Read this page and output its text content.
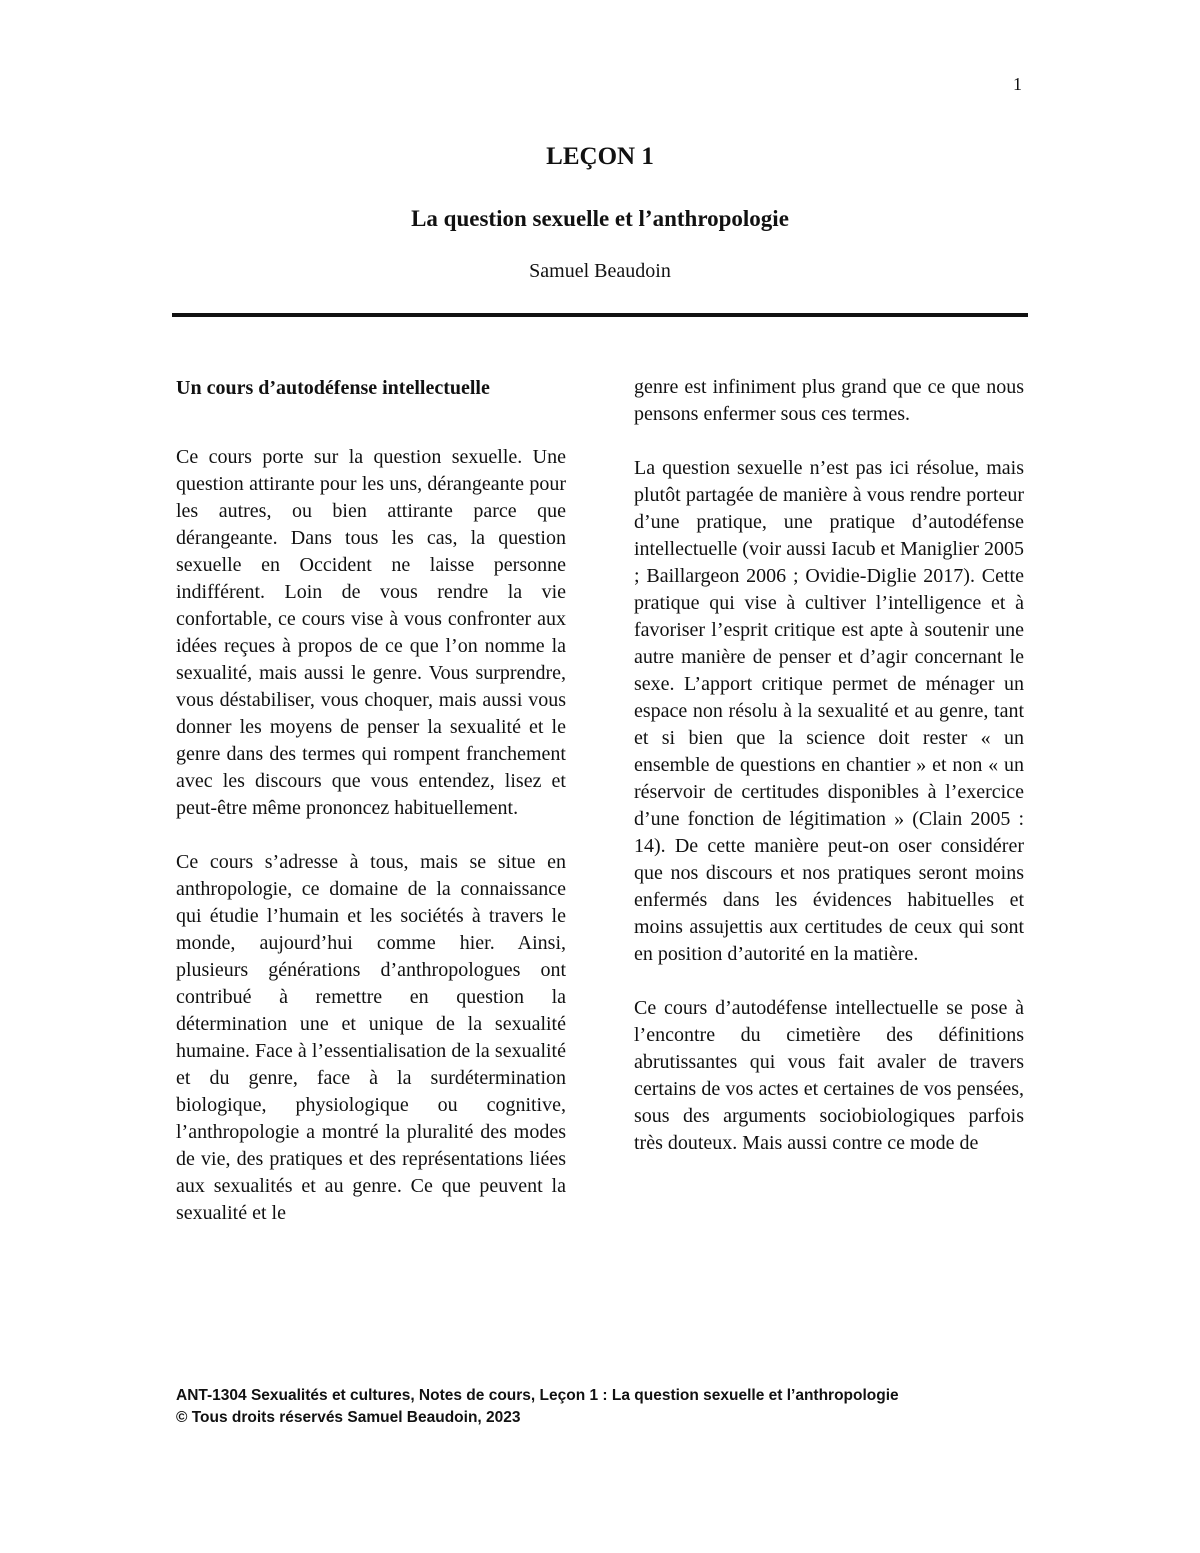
1
LEÇON 1
La question sexuelle et l’anthropologie
Samuel Beaudoin
Un cours d’autodéfense intellectuelle

Ce cours porte sur la question sexuelle. Une question attirante pour les uns, dérangeante pour les autres, ou bien attirante parce que dérangeante. Dans tous les cas, la question sexuelle en Occident ne laisse personne indifférent. Loin de vous rendre la vie confortable, ce cours vise à vous confronter aux idées reçues à propos de ce que l’on nomme la sexualité, mais aussi le genre. Vous surprendre, vous déstabiliser, vous choquer, mais aussi vous donner les moyens de penser la sexualité et le genre dans des termes qui rompent franchement avec les discours que vous entendez, lisez et peut-être même prononcez habituellement.

Ce cours s’adresse à tous, mais se situe en anthropologie, ce domaine de la connaissance qui étudie l’humain et les sociétés à travers le monde, aujourd’hui comme hier. Ainsi, plusieurs générations d’anthropologues ont contribué à remettre en question la détermination une et unique de la sexualité humaine. Face à l’essentialisation de la sexualité et du genre, face à la surdétermination biologique, physiologique ou cognitive, l’anthropologie a montré la pluralité des modes de vie, des pratiques et des représentations liées aux sexualités et au genre. Ce que peuvent la sexualité et le

genre est infiniment plus grand que ce que nous pensons enfermer sous ces termes.

La question sexuelle n’est pas ici résolue, mais plutôt partagée de manière à vous rendre porteur d’une pratique, une pratique d’autodéfense intellectuelle (voir aussi Iacub et Maniglier 2005 ; Baillargeon 2006 ; Ovidie-Diglie 2017). Cette pratique qui vise à cultiver l’intelligence et à favoriser l’esprit critique est apte à soutenir une autre manière de penser et d’agir concernant le sexe. L’apport critique permet de ménager un espace non résolu à la sexualité et au genre, tant et si bien que la science doit rester « un ensemble de questions en chantier » et non « un réservoir de certitudes disponibles à l’exercice d’une fonction de légitimation » (Clain 2005 : 14). De cette manière peut-on oser considérer que nos discours et nos pratiques seront moins enfermés dans les évidences habituelles et moins assujettis aux certitudes de ceux qui sont en position d’autorité en la matière.

Ce cours d’autodéfense intellectuelle se pose à l’encontre du cimetière des définitions abrutissantes qui vous fait avaler de travers certains de vos actes et certaines de vos pensées, sous des arguments sociobiologiques parfois très douteux. Mais aussi contre ce mode de

ANT-1304 Sexualités et cultures, Notes de cours, Leçon 1 : La question sexuelle et l’anthropologie
© Tous droits réservés Samuel Beaudoin, 2023
